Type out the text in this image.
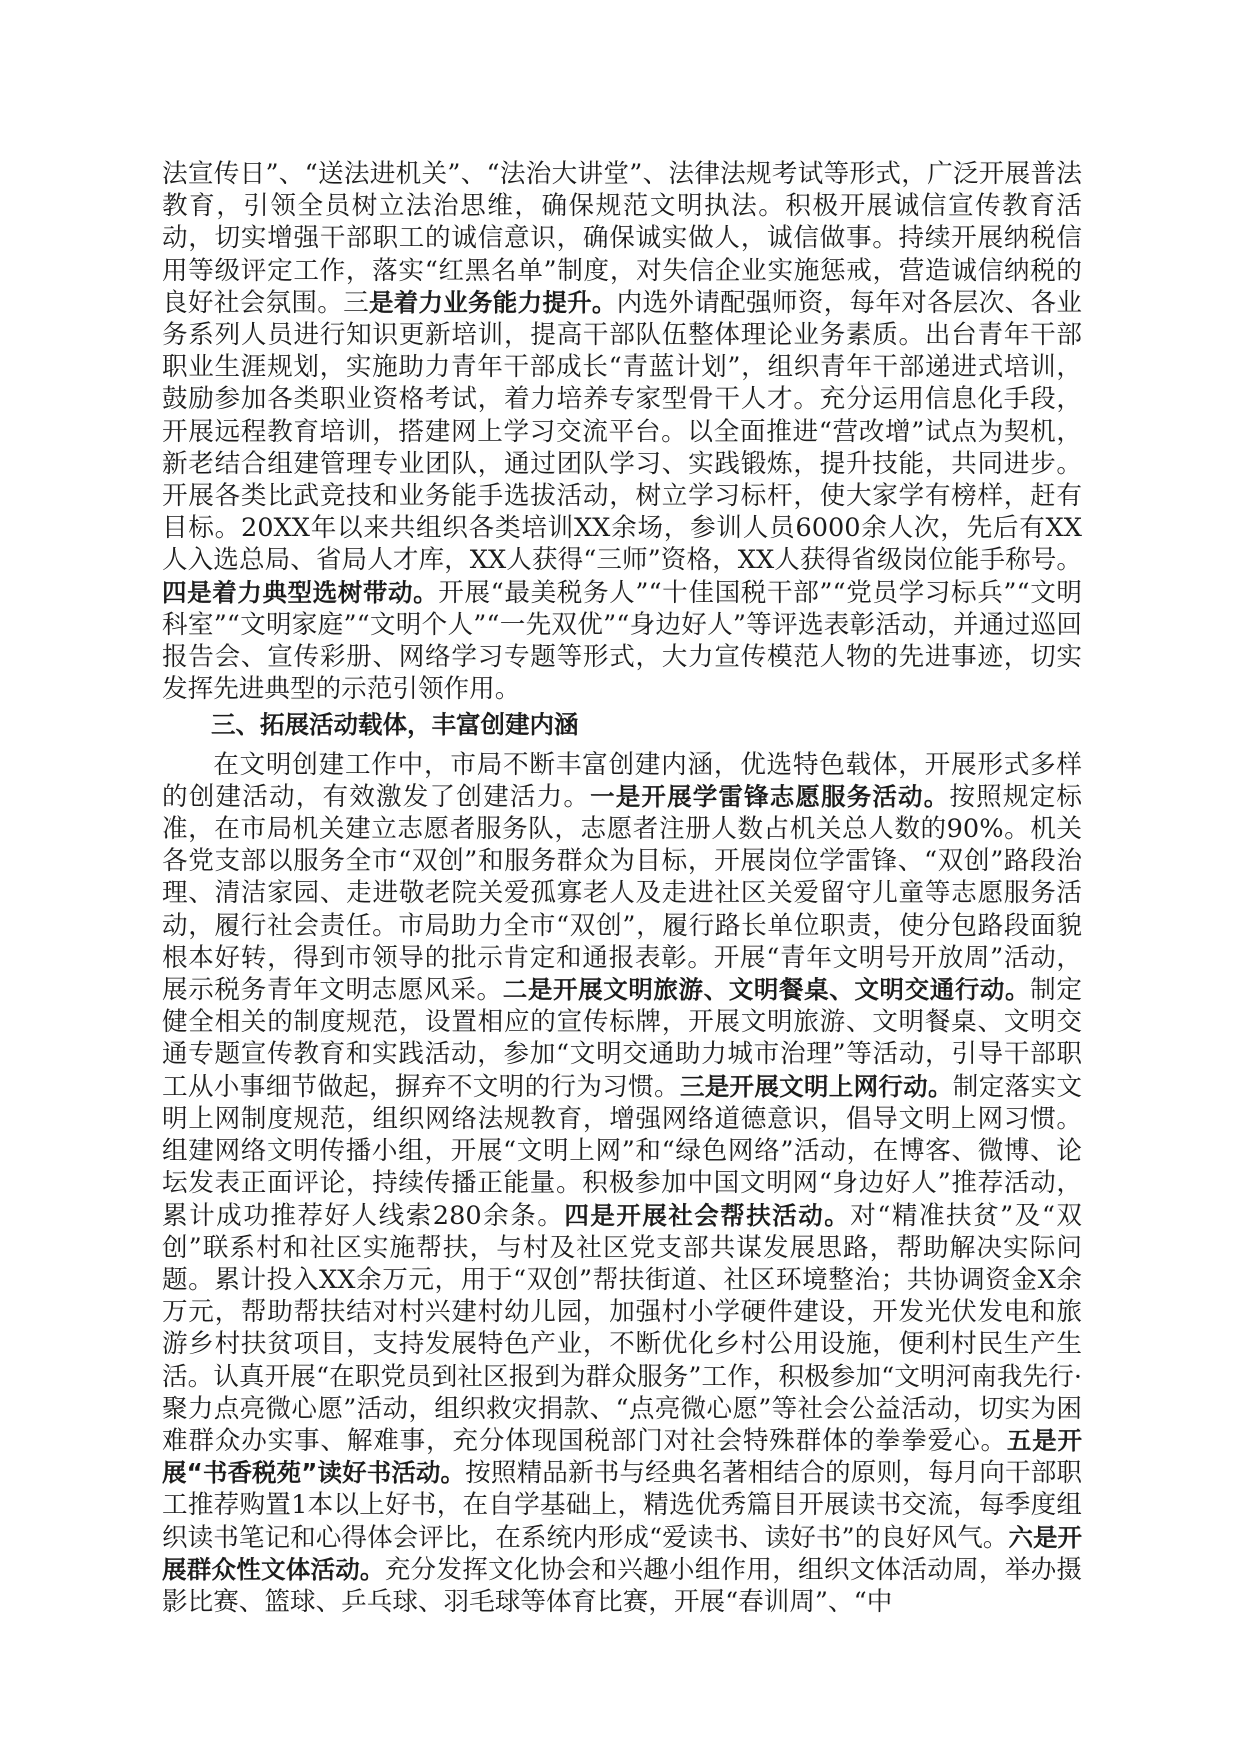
法宣传日”、“送法进机关”、“法治大讲堂”、法律法规考试等形式，广泛开展普法教育，引领全员树立法治思维，确保规范文明执法。积极开展诚信宣传教育活动，切实增强干部职工的诚信意识，确保诚实做人，诚信做事。持续开展纳税信用等级评定工作，落实“红黑名单”制度，对失信企业实施惩戒，营造诚信纳税的良好社会氛围。三是着力业务能力提升。内选外请配强师资，每年对各层次、各业务系列人员进行知识更新培训，提高干部队伍整体理论业务素质。出台青年干部职业生涯规划，实施助力青年干部成长“青蓝计划”，组织青年干部递进式培训，鼓励参加各类职业资格考试，着力培养专家型骨干人才。充分运用信息化手段，开展远程教育培训，搭建网上学习交流平台。以全面推进“营改增”试点为契机，新老结合组建管理专业团队，通过团队学习、实践锻炼，提升技能，共同进步。开展各类比武竞技和业务能手选拔活动，树立学习标杆，使大家学有榜样，赶有目标。20XX年以来共组织各类培训XX余场，参训人员6000余人次，先后有XX人入选总局、省局人才库，XX人获得“三师”资格，XX人获得省级岗位能手称号。四是着力典型选树带动。开展“最美税务人”“十佳国税干部”“党员学习标兵”“文明科室”“文明家庭”“文明个人”“一先双优”“身边好人”等评选表彰活动，并通过巡回报告会、宣传彩册、网络学习专题等形式，大力宣传模范人物的先进事迹，切实发挥先进典型的示范引领作用。

三、拓展活动载体，丰富创建内涵

在文明创建工作中，市局不断丰富创建内涵，优选特色载体，开展形式多样的创建活动，有效激发了创建活力。一是开展学雷锋志愿服务活动。按照规定标准，在市局机关建立志愿者服务队，志愿者注册人数占机关总人数的90%。机关各党支部以服务全市“双创”和服务群众为目标，开展岗位学雷锋、“双创”路段治理、清洁家园、走进敬老院关爱孤寡老人及走进社区关爱留守儿童等志愿服务活动，履行社会责任。市局助力全市“双创”，履行路长单位职责，使分包路段面貌根本好转，得到市领导的批示肯定和通报表彰。开展“青年文明号开放周”活动，展示税务青年文明志愿风采。二是开展文明旅游、文明餐桌、文明交通行动。制定健全相关的制度规范，设置相应的宣传标牌，开展文明旅游、文明餐桌、文明交通专题宣传教育和实践活动，参加“文明交通助力城市治理”等活动，引导干部职工从小事细节做起，摒弃不文明的行为习惯。三是开展文明上网行动。制定落实文明上网制度规范，组织网络法规教育，增强网络道德意识，倡导文明上网习惯。组建网络文明传播小组，开展“文明上网”和“绿色网络”活动，在博客、微博、论坛发表正面评论，持续传播正能量。积极参加中国文明网“身边好人”推荐活动，累计成功推荐好人线索280余条。四是开展社会帮扶活动。对“精准扶贫”及“双创”联系村和社区实施帮扶，与村及社区党支部共谋发展思路，帮助解决实际问题。累计投入XX余万元，用于“双创”帮扶街道、社区环境整治；共协调资金X余万元，帮助帮扶结对村兴建村幼儿园，加强村小学硬件建设，开发光伏发电和旅游乡村扶贫项目，支持发展特色产业，不断优化乡村公用设施，便利村民生产生活。认真开展“在职党员到社区报到为群众服务”工作，积极参加“文明河南我先行·聚力点亮微心愿”活动，组织救灾捐款、“点亮微心愿”等社会公益活动，切实为困难群众办实事、解难事，充分体现国税部门对社会特殊群体的拳拳爱心。五是开展“书香税苑”读好书活动。按照精品新书与经典名著相结合的原则，每月向干部职工推荐购置1本以上好书，在自学基础上，精选优秀篇目开展读书交流，每季度组织读书笔记和心得体会评比，在系统内形成“爱读书、读好书”的良好风气。六是开展群众性文体活动。充分发挥文化协会和兴趣小组作用，组织文体活动周，举办摄影比赛、篮球、乒乓球、羽毛球等体育比赛，开展“春训周”、“中
